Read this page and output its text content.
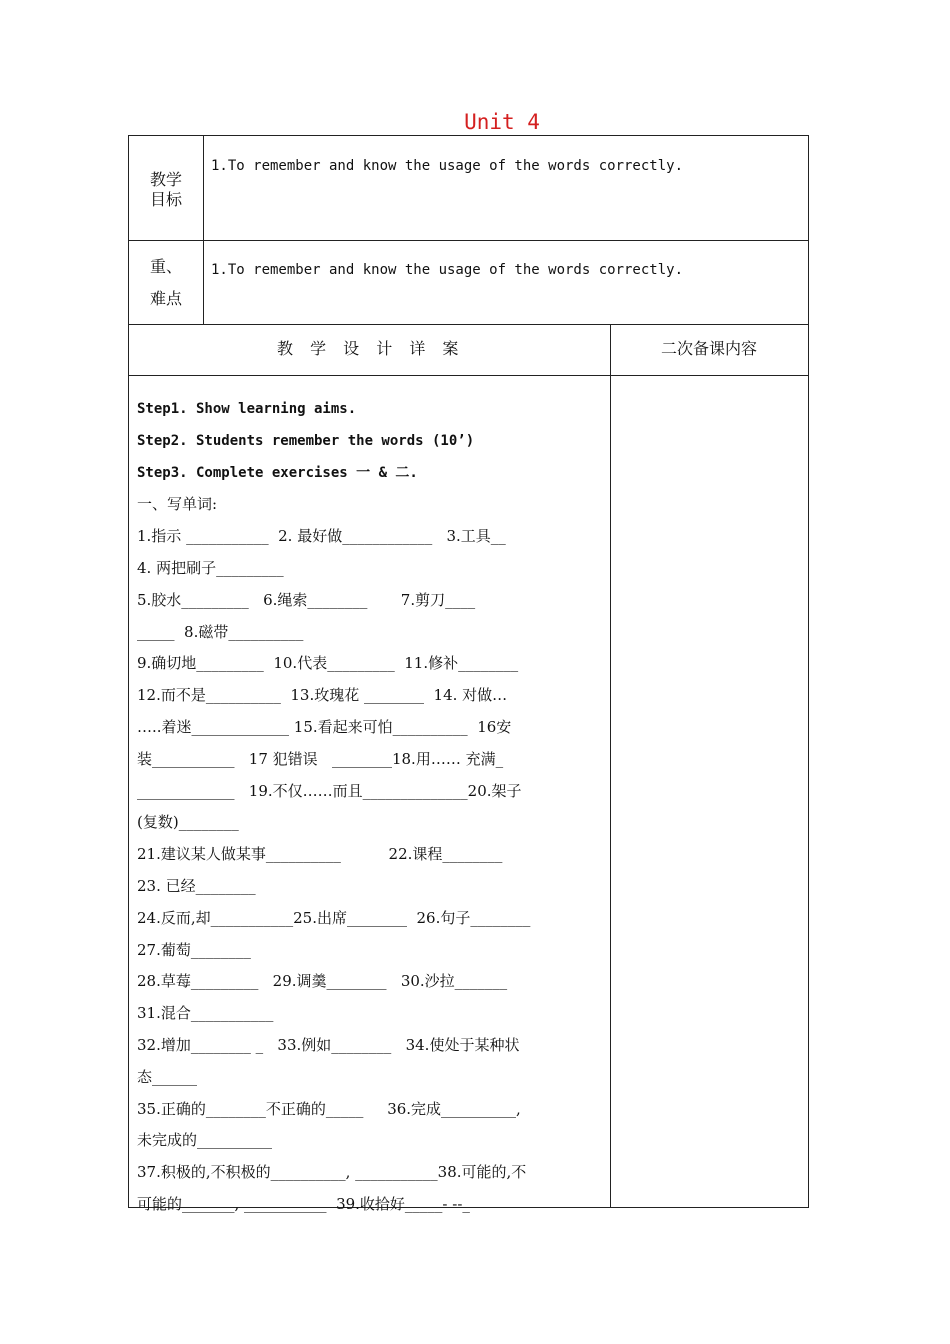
Unit 4
教学
目标
1.To remember and know the usage of the words correctly.
重、
难点
1.To remember and know the usage of the words correctly.
教 学 设 计 详 案	二次备课内容
Step1. Show learning aims.
Step2. Students remember the words (10’)
Step3. Complete exercises 一 & 二.
一、写单词:
1.指示 ___________  2. 最好做____________   3.工具__
4. 两把刷子_________
5.胶水_________   6.绳索________       7.剪刀____
_____  8.磁带__________
9.确切地_________  10.代表_________  11.修补________
12.而不是__________  13.玫瑰花 ________  14. 对做…
…..着迷_____________ 15.看起来可怕__________  16安
装___________   17 犯错误   ________18.用…… 充满_
_____________   19.不仅……而且______________20.架子
(复数)________
21.建议某人做某事__________          22.课程________
23. 已经________
24.反而,却___________25.出席________  26.句子________
27.葡萄________
28.草莓_________   29.调羹________   30.沙拉_______
31.混合___________
32.增加________ _   33.例如________   34.使处于某种状
态______
35.正确的________不正确的_____     36.完成__________,
未完成的__________
37.积极的,不积极的__________, ___________38.可能的,不
可能的_______, ___________  39.收拾好_____- --_
